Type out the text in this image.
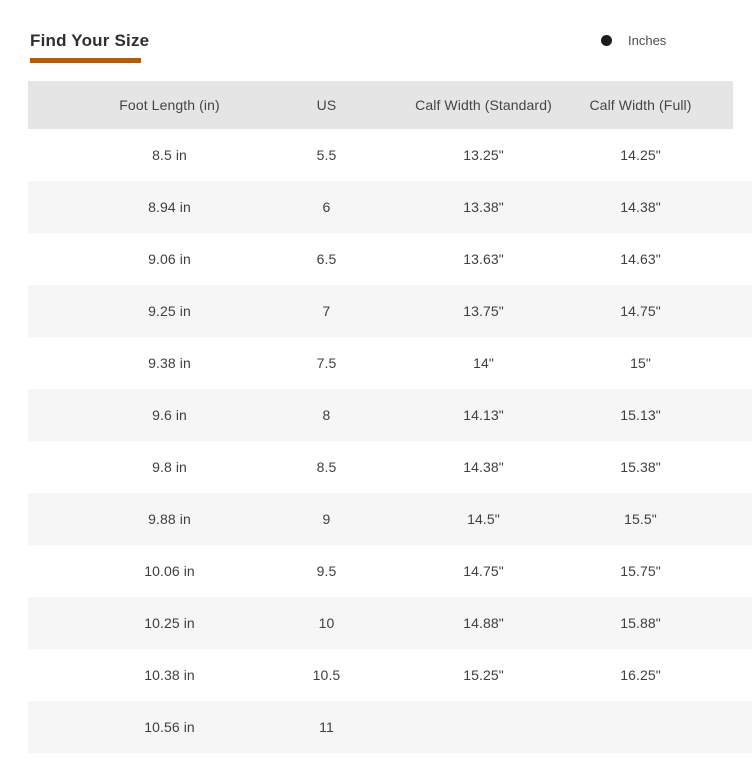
Find Your Size	Inches
Foot Length (in)	US	Calf Width (Standard)	Calf Width (Full)
8.5 in	5.5	13.25"	14.25"
8.94 in	6	13.38"	14.38"
9.06 in	6.5	13.63"	14.63"
9.25 in	7	13.75"	14.75"
9.38 in	7.5	14"	15"
9.6 in	8	14.13"	15.13"
9.8 in	8.5	14.38"	15.38"
9.88 in	9	14.5"	15.5"
10.06 in	9.5	14.75"	15.75"
10.25 in	10	14.88"	15.88"
10.38 in	10.5	15.25"	16.25"
10.56 in	11
